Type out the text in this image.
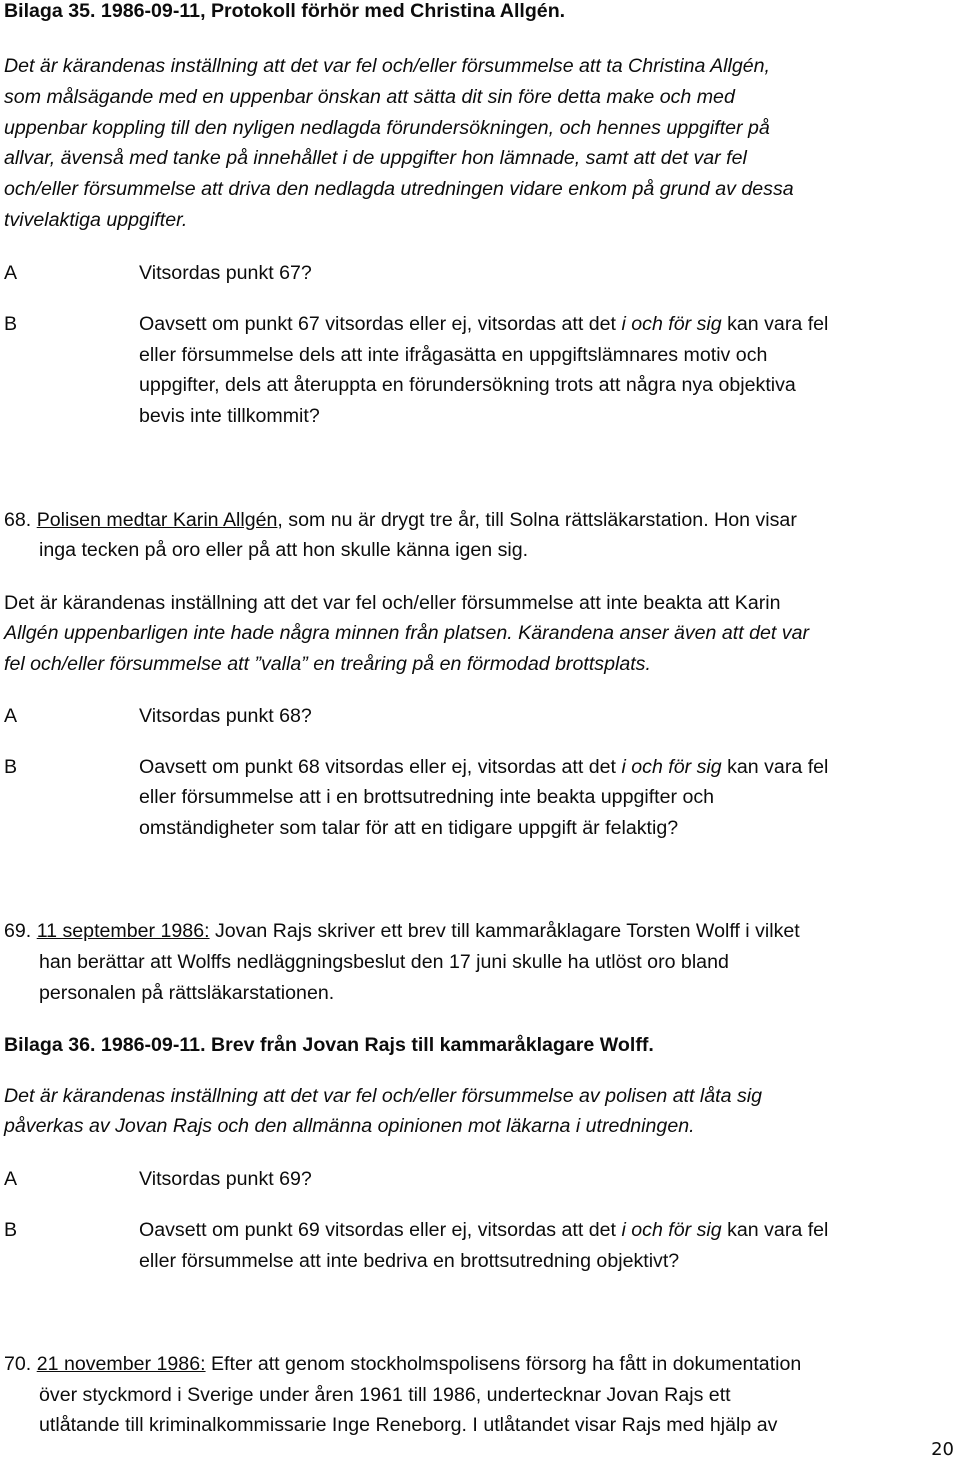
Bilaga 35. 1986-09-11, Protokoll förhör med Christina Allgén.
Det är kärandenas inställning att det var fel och/eller försummelse att ta Christina Allgén,
som målsägande med en uppenbar önskan att sätta dit sin före detta make och med
uppenbar koppling till den nyligen nedlagda förundersökningen, och hennes uppgifter på
allvar, ävenså med tanke på innehållet i de uppgifter hon lämnade, samt att det var fel
och/eller försummelse att driva den nedlagda utredningen vidare enkom på grund av dessa
tvivelaktiga uppgifter.
A	Vitsordas punkt 67?
B	Oavsett om punkt 67 vitsordas eller ej, vitsordas att det i och för sig kan vara fel
eller försummelse dels att inte ifrågasätta en uppgiftslämnares motiv och
uppgifter, dels att återuppta en förundersökning trots att några nya objektiva
bevis inte tillkommit?
68. Polisen medtar Karin Allgén, som nu är drygt tre år, till Solna rättsläkarstation. Hon visar
inga tecken på oro eller på att hon skulle känna igen sig.
Det är kärandenas inställning att det var fel och/eller försummelse att inte beakta att Karin
Allgén uppenbarligen inte hade några minnen från platsen. Kärandena anser även att det var
fel och/eller försummelse att ”valla” en treåring på en förmodad brottsplats.
A	Vitsordas punkt 68?
B	Oavsett om punkt 68 vitsordas eller ej, vitsordas att det i och för sig kan vara fel
eller försummelse att i en brottsutredning inte beakta uppgifter och
omständigheter som talar för att en tidigare uppgift är felaktig?
69. 11 september 1986: Jovan Rajs skriver ett brev till kammaråklagare Torsten Wolff i vilket
han berättar att Wolffs nedläggningsbeslut den 17 juni skulle ha utlöst oro bland
personalen på rättsläkarstationen.
Bilaga 36. 1986-09-11. Brev från Jovan Rajs till kammaråklagare Wolff.
Det är kärandenas inställning att det var fel och/eller försummelse av polisen att låta sig
påverkas av Jovan Rajs och den allmänna opinionen mot läkarna i utredningen.
A	Vitsordas punkt 69?
B	Oavsett om punkt 69 vitsordas eller ej, vitsordas att det i och för sig kan vara fel
eller försummelse att inte bedriva en brottsutredning objektivt?
70. 21 november 1986: Efter att genom stockholmspolisens försorg ha fått in dokumentation
över styckmord i Sverige under åren 1961 till 1986, undertecknar Jovan Rajs ett
utlåtande till kriminalkommissarie Inge Reneborg. I utlåtandet visar Rajs med hjälp av
20
